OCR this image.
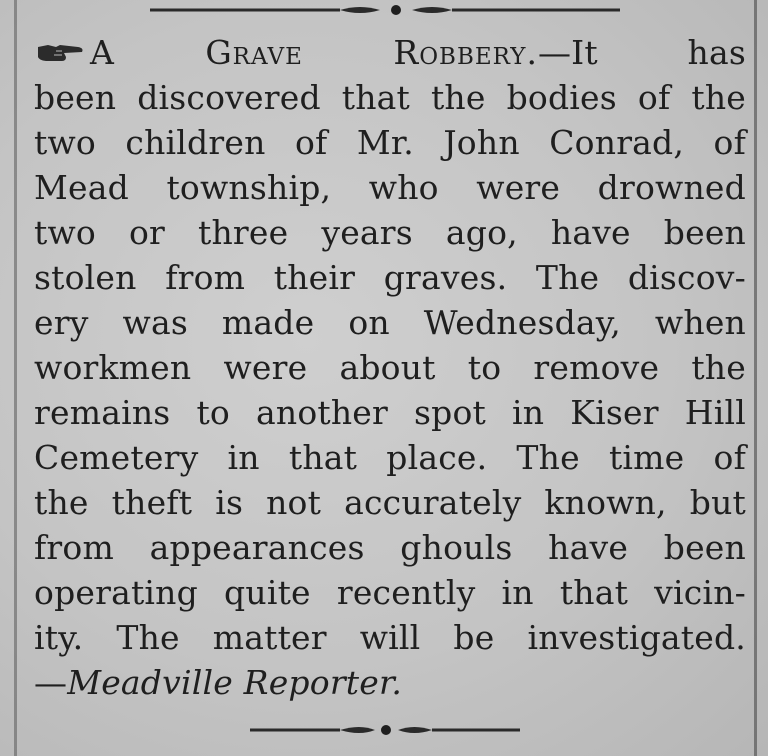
A Grave Robbery.—It has
been discovered that the bodies of the
two children of Mr. John Conrad, of
Mead township, who were drowned
two or three years ago, have been
stolen from their graves. The discov-
ery was made on Wednesday, when
workmen were about to remove the
remains to another spot in Kiser Hill
Cemetery in that place. The time of
the theft is not accurately known, but
from appearances ghouls have been
operating quite recently in that vicin-
ity. The matter will be investigated.
—Meadville Reporter.
